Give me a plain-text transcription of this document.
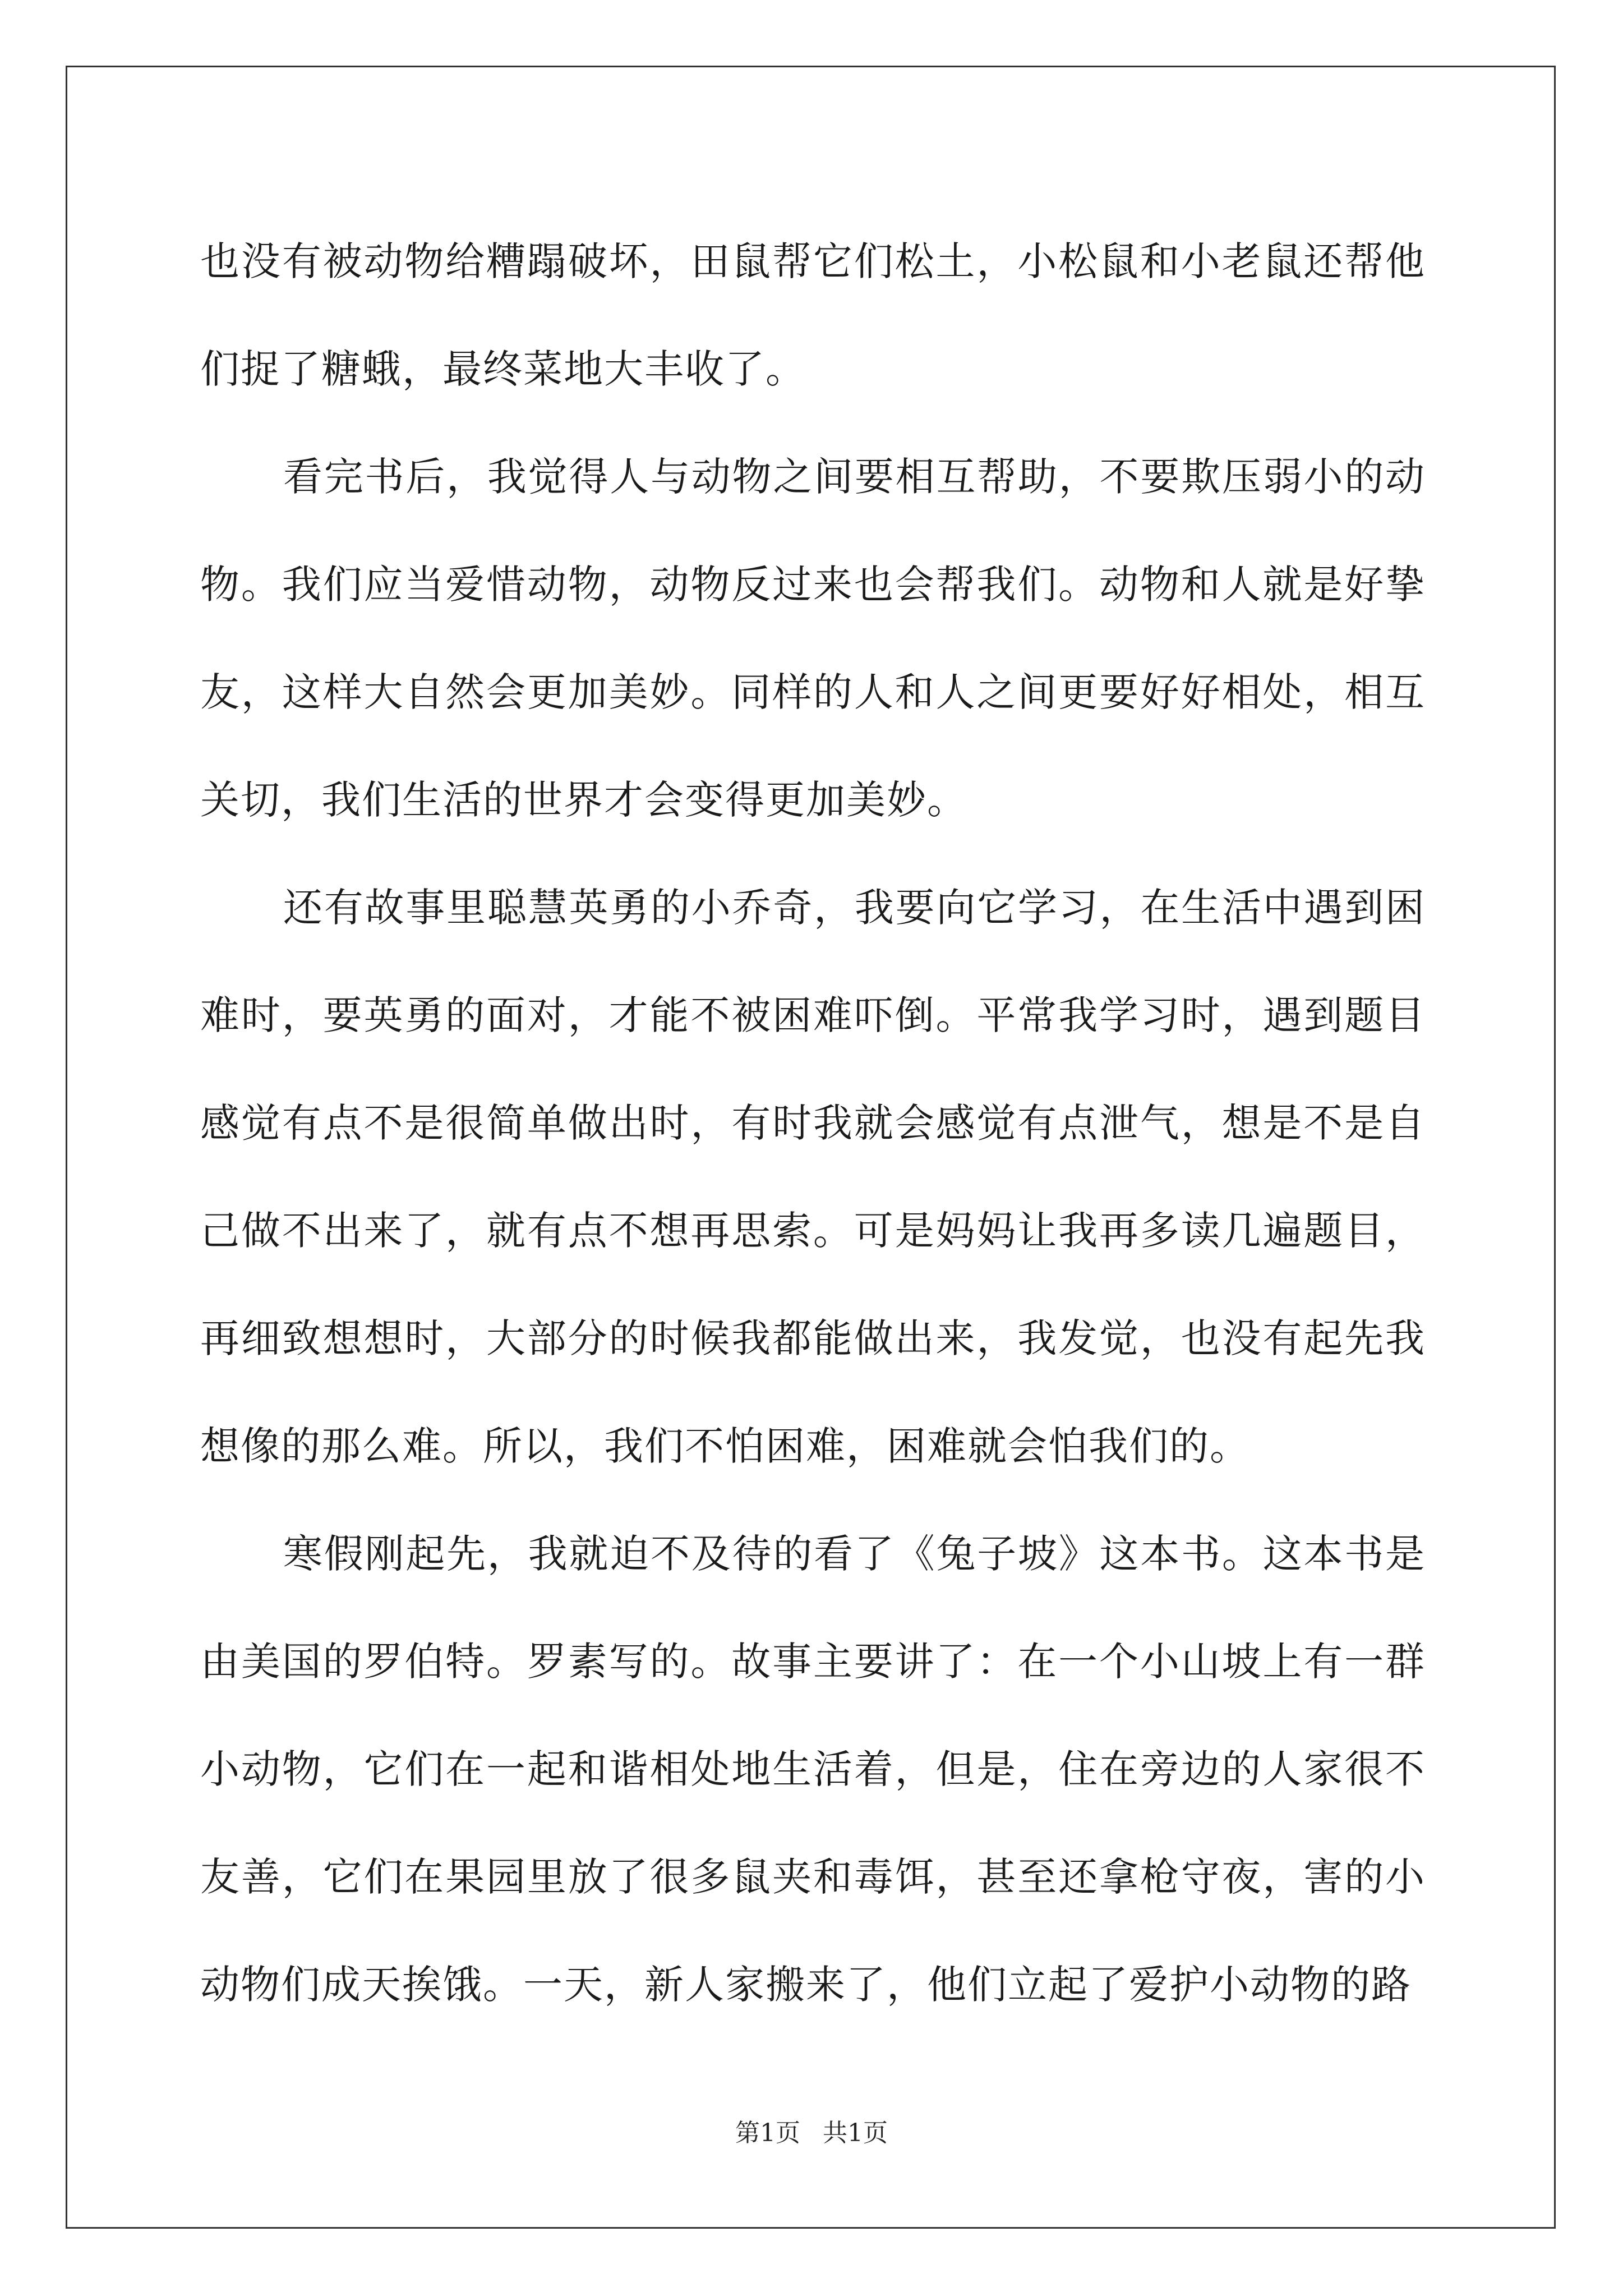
也没有被动物给糟蹋破坏，田鼠帮它们松土，小松鼠和小老鼠还帮他们捉了糖蛾，最终菜地大丰收了。

看完书后，我觉得人与动物之间要相互帮助，不要欺压弱小的动物。我们应当爱惜动物，动物反过来也会帮我们。动物和人就是好挚友，这样大自然会更加美妙。同样的人和人之间更要好好相处，相互关切，我们生活的世界才会变得更加美妙。

还有故事里聪慧英勇的小乔奇，我要向它学习，在生活中遇到困难时，要英勇的面对，才能不被困难吓倒。平常我学习时，遇到题目感觉有点不是很简单做出时，有时我就会感觉有点泄气，想是不是自己做不出来了，就有点不想再思索。可是妈妈让我再多读几遍题目，再细致想想时，大部分的时候我都能做出来，我发觉，也没有起先我想像的那么难。所以，我们不怕困难，困难就会怕我们的。

寒假刚起先，我就迫不及待的看了《兔子坡》这本书。这本书是由美国的罗伯特。罗素写的。故事主要讲了：在一个小山坡上有一群小动物，它们在一起和谐相处地生活着，但是，住在旁边的人家很不友善，它们在果园里放了很多鼠夹和毒饵，甚至还拿枪守夜，害的小动物们成天挨饿。一天，新人家搬来了，他们立起了爱护小动物的路

第1页 共1页
